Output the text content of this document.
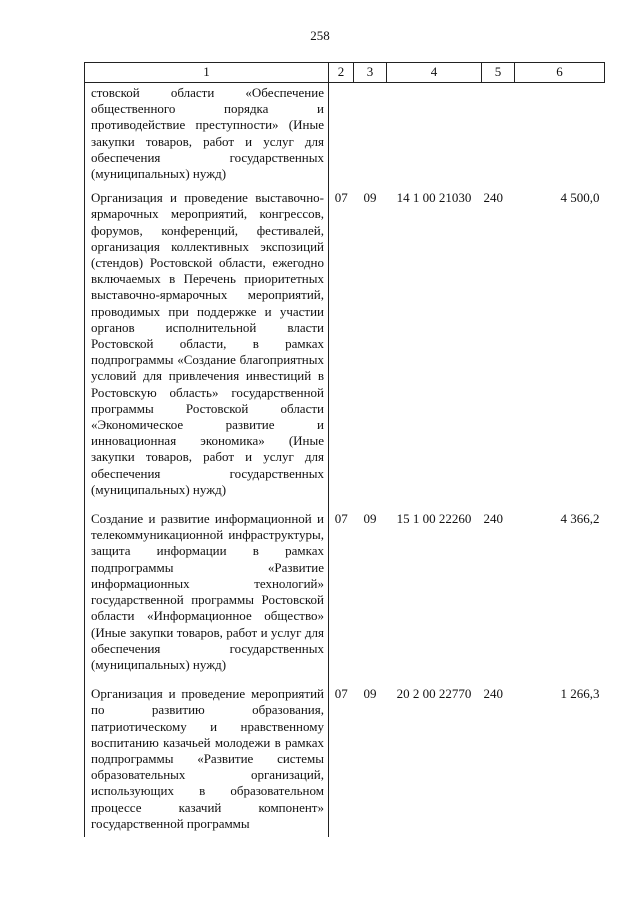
258
1	2	3	4	5	6
стовской области «Обеспечение общественного порядка и противодействие преступности» (Иные закупки товаров, работ и услуг для обеспечения государственных (муниципальных) нужд)					
Организация и проведение выставочно-ярмарочных мероприятий, конгрессов, форумов, конференций, фестивалей, организация коллективных экспозиций (стендов) Ростовской области, ежегодно включаемых в Перечень приоритетных выставочно-ярмарочных мероприятий, проводимых при поддержке и участии органов исполнительной власти Ростовской области, в рамках подпрограммы «Создание благоприятных условий для привлечения инвестиций в Ростовскую область» государственной программы Ростовской области «Экономическое развитие и инновационная экономика» (Иные закупки товаров, работ и услуг для обеспечения государственных (муниципальных) нужд)	07	09	14 1 00 21030	240	4 500,0
Создание и развитие информационной и телекоммуникационной инфраструктуры, защита информации в рамках подпрограммы «Развитие информационных технологий» государственной программы Ростовской области «Информационное общество» (Иные закупки товаров, работ и услуг для обеспечения государственных (муниципальных) нужд)	07	09	15 1 00 22260	240	4 366,2
Организация и проведение мероприятий по развитию образования, патриотическому и нравственному воспитанию казачьей молодежи в рамках подпрограммы «Развитие системы образовательных организаций, использующих в образовательном процессе казачий компонент» государственной программы	07	09	20 2 00 22770	240	1 266,3
